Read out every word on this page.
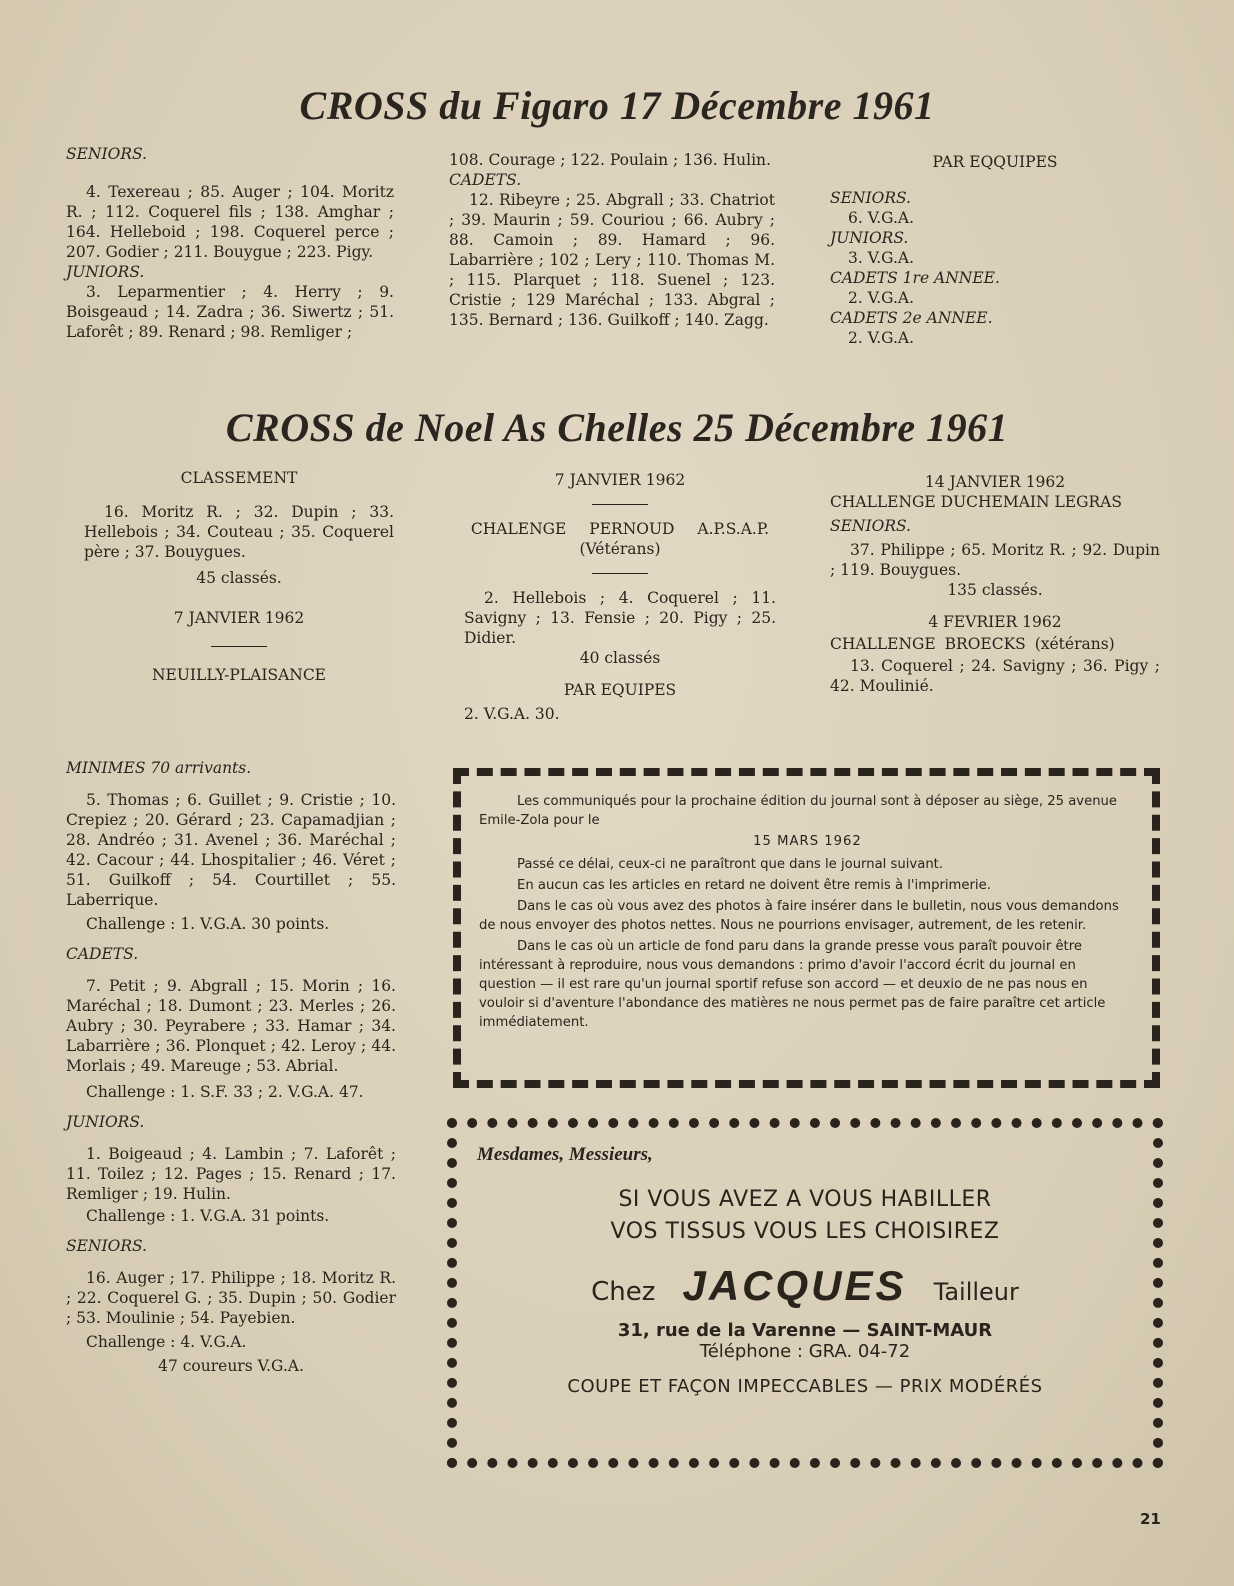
CROSS du Figaro 17 Décembre 1961

SENIORS.

4. Texereau ; 85. Auger ; 104. Moritz R. ; 112. Coquerel fils ; 138. Amghar ; 164. Helleboid ; 198. Coquerel perce ; 207. Godier ; 211. Bouygue ; 223. Pigy.

JUNIORS.

3. Leparmentier ; 4. Herry ; 9. Boisgeaud ; 14. Zadra ; 36. Siwertz ; 51. Laforêt ; 89. Renard ; 98. Remliger ;

108. Courage ; 122. Poulain ; 136. Hulin.

CADETS.

12. Ribeyre ; 25. Abgrall ; 33. Chatriot ; 39. Maurin ; 59. Couriou ; 66. Aubry ; 88. Camoin ; 89. Hamard ; 96. Labarrière ; 102 ; Lery ; 110. Thomas M. ; 115. Plarquet ; 118. Suenel ; 123. Cristie ; 129 Maréchal ; 133. Abgral ; 135. Bernard ; 136. Guilkoff ; 140. Zagg.

PAR EQQUIPES

SENIORS.

6. V.G.A.

JUNIORS.

3. V.G.A.

CADETS 1re ANNEE.

2. V.G.A.

CADETS 2e ANNEE.

2. V.G.A.

CROSS de Noel As Chelles 25 Décembre 1961

CLASSEMENT

16. Moritz R. ; 32. Dupin ; 33. Hellebois ; 34. Couteau ; 35. Coquerel père ; 37. Bouygues.

45 classés.

7 JANVIER 1962

NEUILLY-PLAISANCE

7 JANVIER 1962

CHALENGE PERNOUD A.P.S.A.P.

(Vétérans)

2. Hellebois ; 4. Coquerel ; 11. Savigny ; 13. Fensie ; 20. Pigy ; 25. Didier.

40 classés

PAR EQUIPES

2. V.G.A. 30.

14 JANVIER 1962

CHALLENGE DUCHEMAIN LEGRAS

SENIORS.

37. Philippe ; 65. Moritz R. ; 92. Dupin ; 119. Bouygues.

135 classés.

4 FEVRIER 1962

CHALLENGE BROECKS (xétérans)

13. Coquerel ; 24. Savigny ; 36. Pigy ; 42. Moulinié.

MINIMES 70 arrivants.

5. Thomas ; 6. Guillet ; 9. Cristie ; 10. Crepiez ; 20. Gérard ; 23. Capamadjian ; 28. Andréo ; 31. Avenel ; 36. Maréchal ; 42. Cacour ; 44. Lhospitalier ; 46. Véret ; 51. Guilkoff ; 54. Courtillet ; 55. Laberrique.

Challenge : 1. V.G.A. 30 points.

CADETS.

7. Petit ; 9. Abgrall ; 15. Morin ; 16. Maréchal ; 18. Dumont ; 23. Merles ; 26. Aubry ; 30. Peyrabere ; 33. Hamar ; 34. Labarrière ; 36. Plonquet ; 42. Leroy ; 44. Morlais ; 49. Mareuge ; 53. Abrial.

Challenge : 1. S.F. 33 ; 2. V.G.A. 47.

JUNIORS.

1. Boigeaud ; 4. Lambin ; 7. Laforêt ; 11. Toilez ; 12. Pages ; 15. Renard ; 17. Remliger ; 19. Hulin.

Challenge : 1. V.G.A. 31 points.

SENIORS.

16. Auger ; 17. Philippe ; 18. Moritz R. ; 22. Coquerel G. ; 35. Dupin ; 50. Godier ; 53. Moulinie ; 54. Payebien.

Challenge : 4. V.G.A.

47 coureurs V.G.A.

Les communiqués pour la prochaine édition du journal sont à déposer au siège, 25 avenue Emile-Zola pour le

15 MARS 1962

Passé ce délai, ceux-ci ne paraîtront que dans le journal suivant.

En aucun cas les articles en retard ne doivent être remis à l'imprimerie.

Dans le cas où vous avez des photos à faire insérer dans le bulletin, nous vous demandons de nous envoyer des photos nettes. Nous ne pourrions envisager, autrement, de les retenir.

Dans le cas où un article de fond paru dans la grande presse vous paraît pouvoir être intéressant à reproduire, nous vous demandons : primo d'avoir l'accord écrit du journal en question — il est rare qu'un journal sportif refuse son accord — et deuxio de ne pas nous en vouloir si d'aventure l'abondance des matières ne nous permet pas de faire paraître cet article immédiatement.

Mesdames, Messieurs,
SI VOUS AVEZ A VOUS HABILLER
VOS TISSUS VOUS LES CHOISIREZ
Chez JACQUES Tailleur
31, rue de la Varenne — SAINT-MAUR
Téléphone : GRA. 04-72
COUPE ET FAÇON IMPECCABLES — PRIX MODÉRÉS
21
